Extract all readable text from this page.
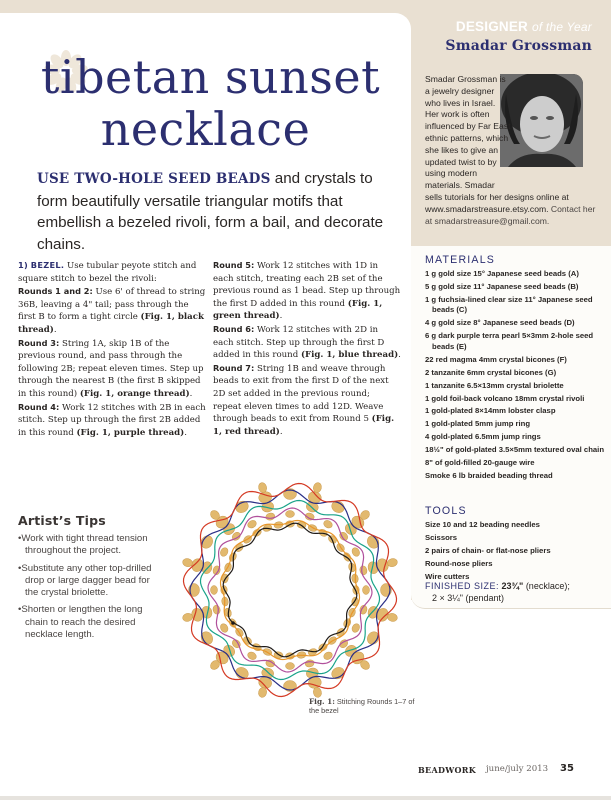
tibetan sunset
necklace

USE TWO-HOLE SEED BEADS and crystals to form beautifully versatile triangular motifs that embellish a bezeled rivoli, form a bail, and decorate chains.

1) BEZEL. Use tubular peyote stitch and square stitch to bezel the rivoli:

Rounds 1 and 2: Use 6' of thread to string 36B, leaving a 4" tail; pass through the first B to form a tight circle (Fig. 1, black thread).

Round 3: String 1A, skip 1B of the previous round, and pass through the following 2B; repeat eleven times. Step up through the nearest B (the first B skipped in this round) (Fig. 1, orange thread).

Round 4: Work 12 stitches with 2B in each stitch. Step up through the first 2B added in this round (Fig. 1, purple thread).

Round 5: Work 12 stitches with 1D in each stitch, treating each 2B set of the previous round as 1 bead. Step up through the first D added in this round (Fig. 1, green thread).

Round 6: Work 12 stitches with 2D in each stitch. Step up through the first D added in this round (Fig. 1, blue thread).

Round 7: String 1B and weave through beads to exit from the first D of the next 2D set added in the previous round; repeat eleven times to add 12D. Weave through beads to exit from Round 5 (Fig. 1, red thread).

Artist’s Tips
• Work with tight thread tension throughout the project.
• Substitute any other top-drilled drop or large dagger bead for the crystal briolette.
• Shorten or lengthen the long chain to reach the desired necklace length.

Fig. 1: Stitching Rounds 1–7 of the bezel

DESIGNER of the Year
Smadar Grossman

Smadar Grossman is a jewelry designer who lives in Israel. Her work is often influenced by Far East ethnic patterns, which she likes to give an updated twist to by using modern materials. Smadar

sells tutorials for her designs online at www.smadarstreasure.etsy.com. Contact her at smadarstreasure@gmail.com.

MATERIALS
1 g gold size 15° Japanese seed beads (A)
5 g gold size 11° Japanese seed beads (B)
1 g fuchsia-lined clear size 11° Japanese seed beads (C)
4 g gold size 8° Japanese seed beads (D)
6 g dark purple terra pearl 5×3mm 2-hole seed beads (E)
22 red magma 4mm crystal bicones (F)
2 tanzanite 6mm crystal bicones (G)
1 tanzanite 6.5×13mm crystal briolette
1 gold foil-back volcano 18mm crystal rivoli
1 gold-plated 8×14mm lobster clasp
1 gold-plated 5mm jump ring
4 gold-plated 6.5mm jump rings
18½" of gold-plated 3.5×5mm textured oval chain
8" of gold-filled 20-gauge wire
Smoke 6 lb braided beading thread
TOOLS
Size 10 and 12 beading needles
Scissors
2 pairs of chain- or flat-nose pliers
Round-nose pliers
Wire cutters
FINISHED SIZE: 23¾" (necklace);
2 × 3¼" (pendant)
BEADWORK june/july 2013 35
